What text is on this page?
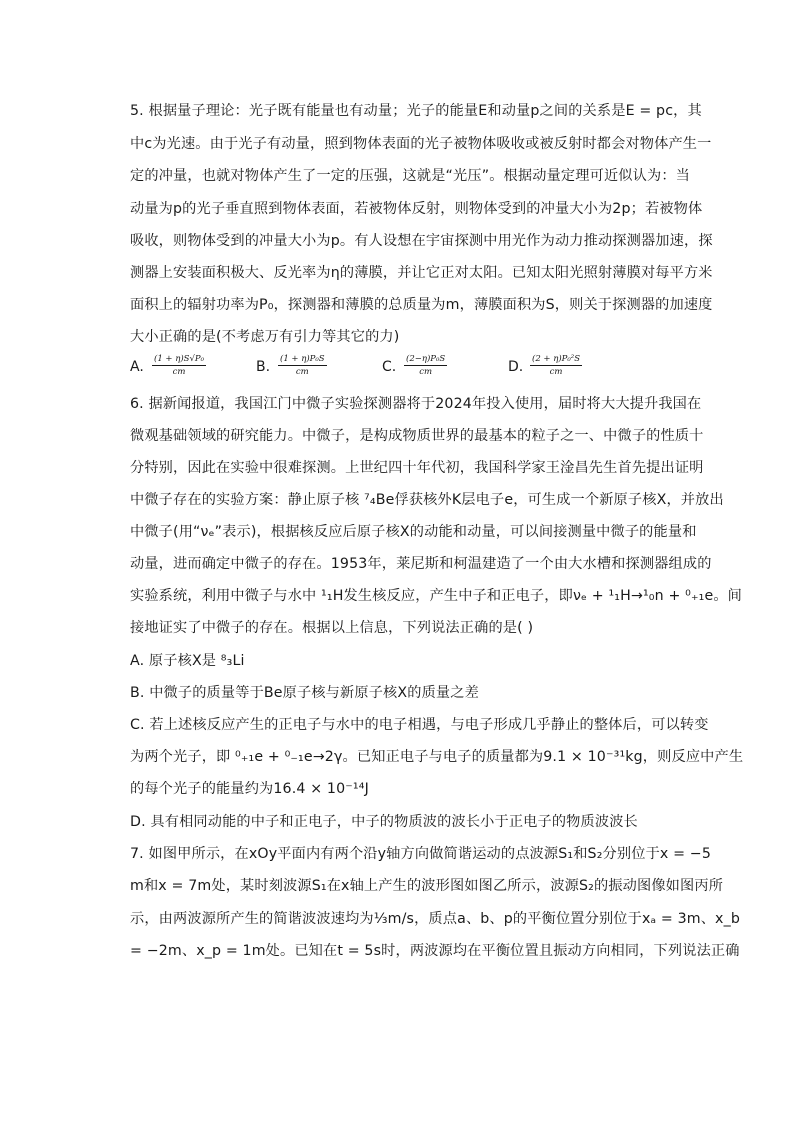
5. 根据量子理论：光子既有能量也有动量；光子的能量E和动量p之间的关系是E = pc，其
中c为光速。由于光子有动量，照到物体表面的光子被物体吸收或被反射时都会对物体产生一
定的冲量，也就对物体产生了一定的压强，这就是“光压”。根据动量定理可近似认为：当
动量为p的光子垂直照到物体表面，若被物体反射，则物体受到的冲量大小为2p；若被物体
吸收，则物体受到的冲量大小为p。有人设想在宇宙探测中用光作为动力推动探测器加速，探
测器上安装面积极大、反光率为η的薄膜，并让它正对太阳。已知太阳光照射薄膜对每平方米
面积上的辐射功率为P₀，探测器和薄膜的总质量为m，薄膜面积为S，则关于探测器的加速度
大小正确的是(不考虑万有引力等其它的力)
A. $\frac{\text{(1 + η)S√P₀}}{cm}$	B. $\frac{\text{(1 + η)P₀S}}{cm}$	C. $\frac{\text{(2−η)P₀S}}{cm}$	D. $\frac{\text{(2 + η)P₀²S}}{cm}$
6. 据新闻报道，我国江门中微子实验探测器将于2024年投入使用，届时将大大提升我国在
微观基础领域的研究能力。中微子，是构成物质世界的最基本的粒子之一、中微子的性质十
分特别，因此在实验中很难探测。上世纪四十年代初，我国科学家王淦昌先生首先提出证明
中微子存在的实验方案：静止原子核 ⁷₄Be俘获核外K层电子e，可生成一个新原子核X，并放出
中微子(用“νₑ”表示)，根据核反应后原子核X的动能和动量，可以间接测量中微子的能量和
动量，进而确定中微子的存在。1953年，莱尼斯和柯温建造了一个由大水槽和探测器组成的
实验系统，利用中微子与水中 ¹₁H发生核反应，产生中子和正电子，即νₑ + ¹₁H→¹₀n + ⁰₊₁e。间
接地证实了中微子的存在。根据以上信息，下列说法正确的是( )
A. 原子核X是 ⁸₃Li
B. 中微子的质量等于Be原子核与新原子核X的质量之差
C. 若上述核反应产生的正电子与水中的电子相遇，与电子形成几乎静止的整体后，可以转变
为两个光子，即 ⁰₊₁e + ⁰₋₁e→2γ。已知正电子与电子的质量都为9.1 × 10⁻³¹kg，则反应中产生
的每个光子的能量约为16.4 × 10⁻¹⁴J
D. 具有相同动能的中子和正电子，中子的物质波的波长小于正电子的物质波波长
7. 如图甲所示，在xOy平面内有两个沿y轴方向做简谐运动的点波源S₁和S₂分别位于x = −5
m和x = 7m处，某时刻波源S₁在x轴上产生的波形图如图乙所示，波源S₂的振动图像如图丙所
示，由两波源所产生的简谐波波速均为⅓m/s，质点a、b、p的平衡位置分别位于xₐ = 3m、x_b
= −2m、x_p = 1m处。已知在t = 5s时，两波源均在平衡位置且振动方向相同，下列说法正确
